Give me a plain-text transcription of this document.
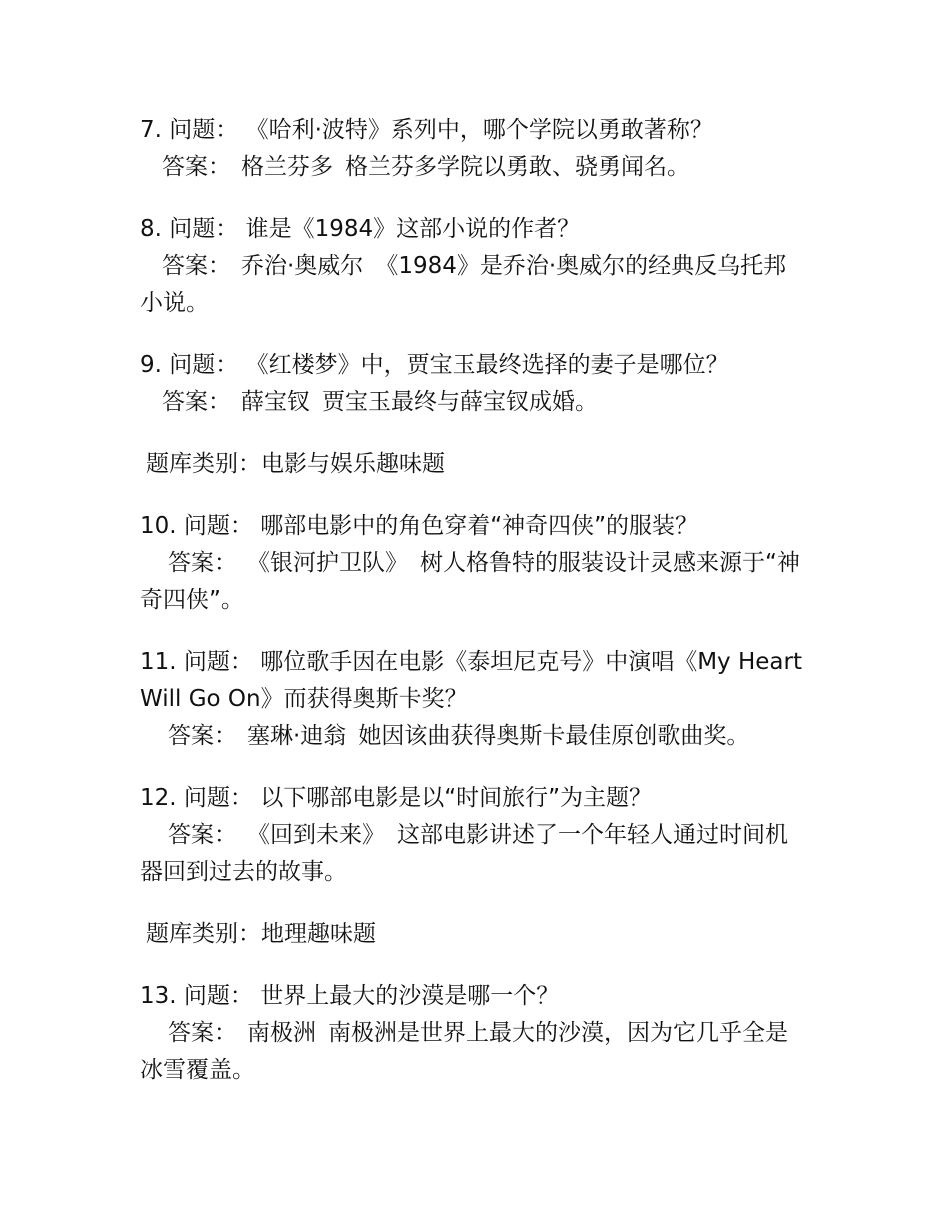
7. 问题： 《哈利·波特》系列中，哪个学院以勇敢著称？
答案： 格兰芬多 格兰芬多学院以勇敢、骁勇闻名。
8. 问题： 谁是《1984》这部小说的作者？
答案： 乔治·奥威尔 《1984》是乔治·奥威尔的经典反乌托邦小说。
9. 问题： 《红楼梦》中，贾宝玉最终选择的妻子是哪位？
答案： 薛宝钗 贾宝玉最终与薛宝钗成婚。
题库类别：电影与娱乐趣味题
10. 问题： 哪部电影中的角色穿着“神奇四侠”的服装？
答案： 《银河护卫队》 树人格鲁特的服装设计灵感来源于“神奇四侠”。
11. 问题： 哪位歌手因在电影《泰坦尼克号》中演唱《My Heart Will Go On》而获得奥斯卡奖？
答案： 塞琳·迪翁 她因该曲获得奥斯卡最佳原创歌曲奖。
12. 问题： 以下哪部电影是以“时间旅行”为主题？
答案： 《回到未来》 这部电影讲述了一个年轻人通过时间机器回到过去的故事。
题库类别：地理趣味题
13. 问题： 世界上最大的沙漠是哪一个？
答案： 南极洲 南极洲是世界上最大的沙漠，因为它几乎全是冰雪覆盖。
